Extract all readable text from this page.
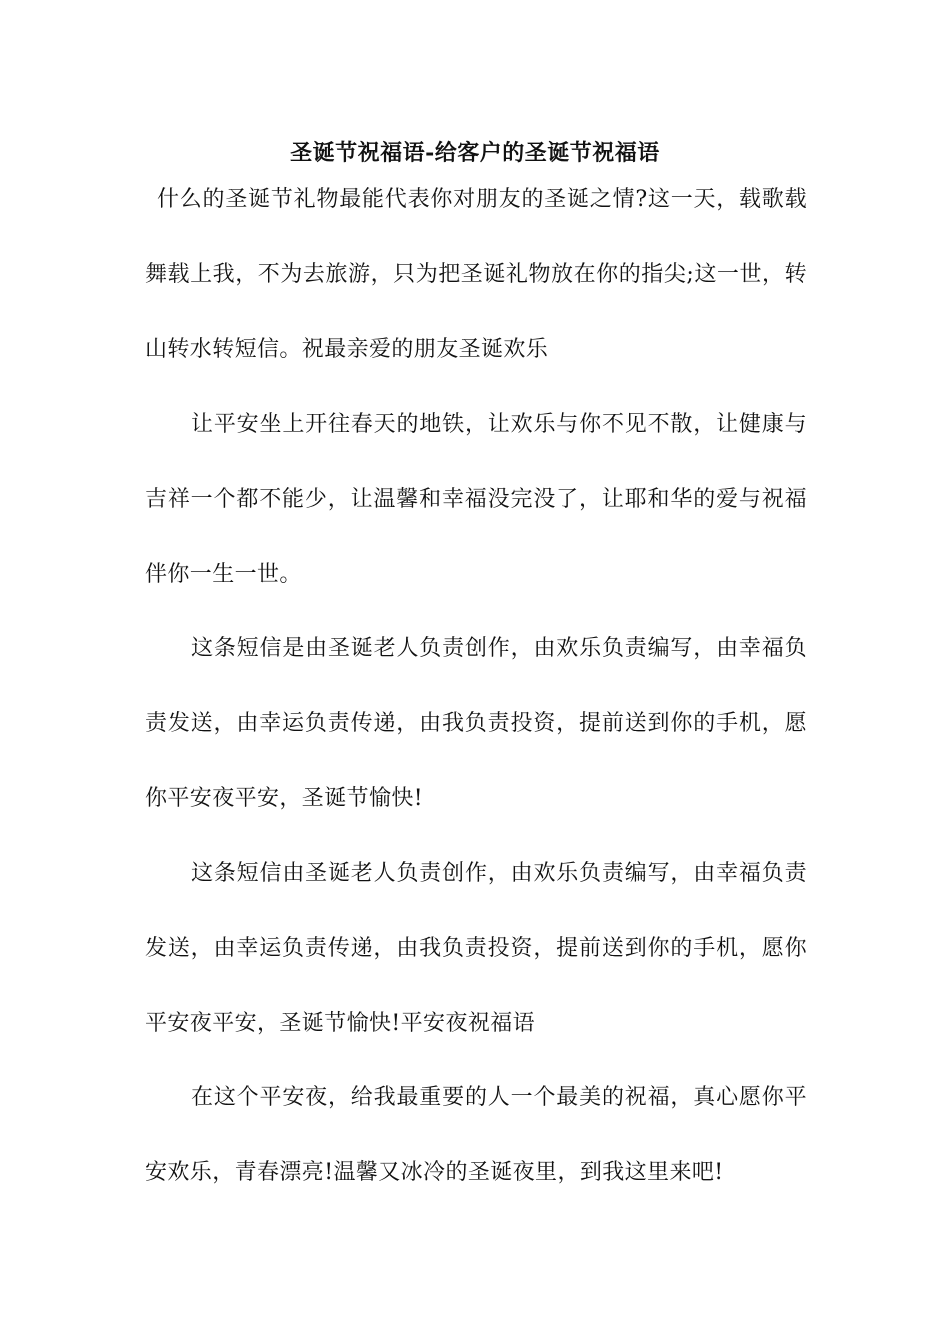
圣诞节祝福语-给客户的圣诞节祝福语

什么的圣诞节礼物最能代表你对朋友的圣诞之情?这一天，载歌载舞载上我，不为去旅游，只为把圣诞礼物放在你的指尖;这一世，转山转水转短信。祝最亲爱的朋友圣诞欢乐

让平安坐上开往春天的地铁，让欢乐与你不见不散，让健康与吉祥一个都不能少，让温馨和幸福没完没了，让耶和华的爱与祝福伴你一生一世。

这条短信是由圣诞老人负责创作，由欢乐负责编写，由幸福负责发送，由幸运负责传递，由我负责投资，提前送到你的手机，愿你平安夜平安，圣诞节愉快!

这条短信由圣诞老人负责创作，由欢乐负责编写，由幸福负责发送，由幸运负责传递，由我负责投资，提前送到你的手机，愿你平安夜平安，圣诞节愉快!平安夜祝福语

在这个平安夜，给我最重要的人一个最美的祝福，真心愿你平安欢乐，青春漂亮!温馨又冰冷的圣诞夜里，到我这里来吧!
